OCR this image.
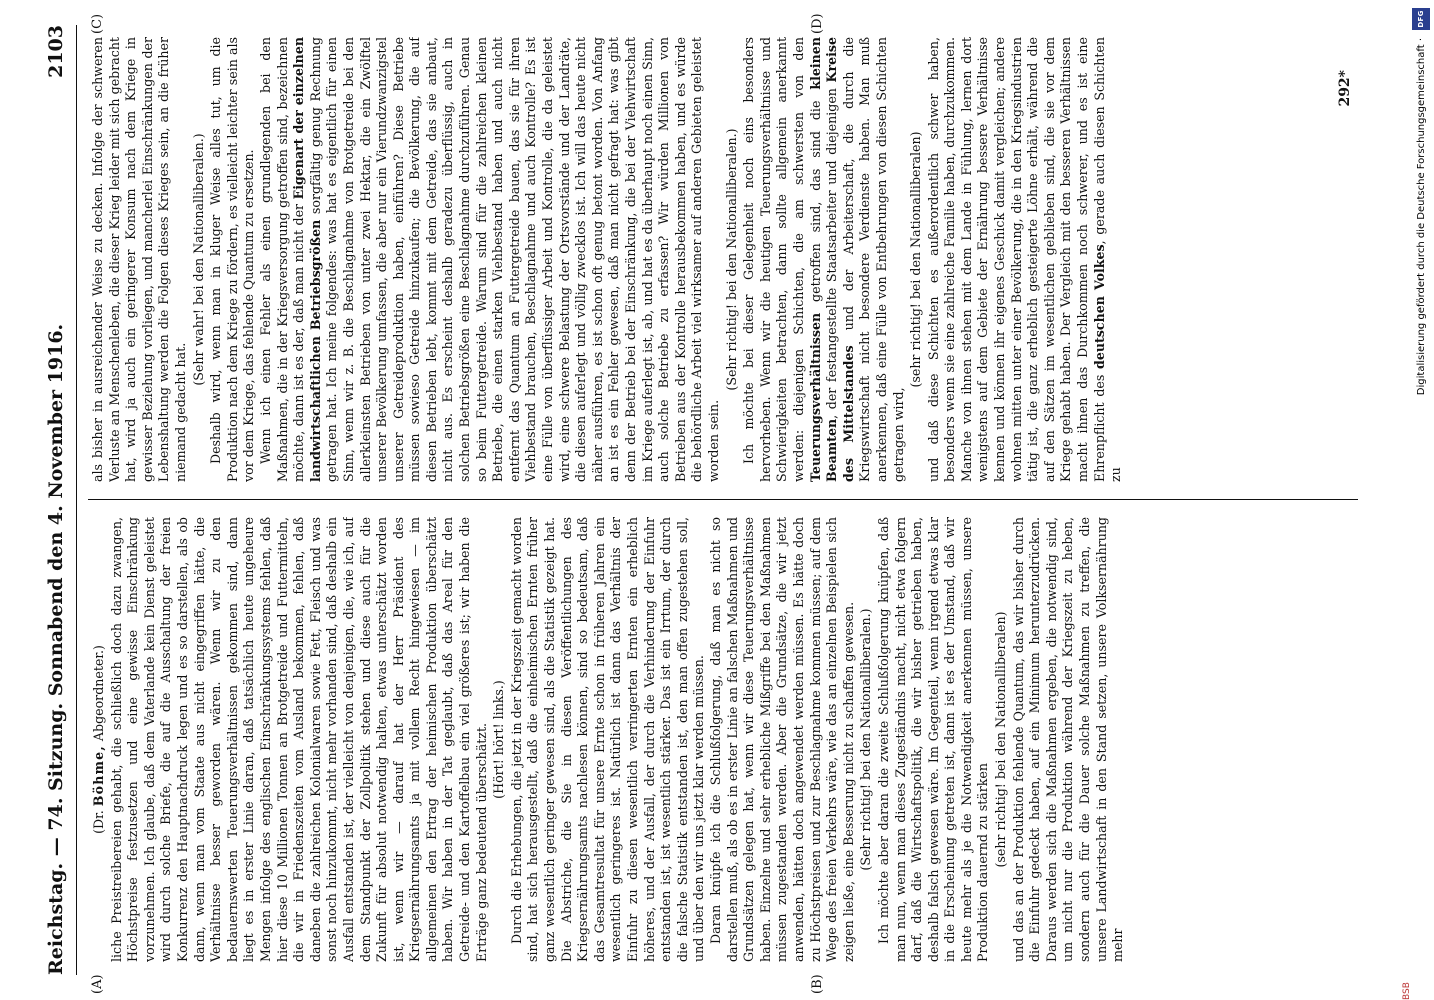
Reichstag. — 74. Sitzung. Sonnabend den 4. November 1916.
2103
(A)	(B)
(C)	(D)

(Dr. Böhme, Abgeordneter.) liche Preistreibereien gehabt, die schließlich doch dazu zwangen, Höchstpreise festzusetzen und eine gewisse Einschränkung vorzunehmen. Ich glaube, daß dem Vaterlande kein Dienst geleistet wird durch solche Briefe, die auf die Ausschaltung der freien Konkurrenz den Hauptnachdruck legen und es so darstellen, als ob dann, wenn man vom Staate aus nicht eingegriffen hätte, die Verhältnisse besser geworden wären. Wenn wir zu den bedauernswerten Teuerungsverhältnissen gekommen sind, dann liegt es in erster Linie daran, daß tatsächlich heute ungeheure Mengen infolge des englischen Einschränkungssystems fehlen, daß hier diese 10 Millionen Tonnen an Brotgetreide und Futtermitteln, die wir in Friedenszeiten vom Ausland bekommen, fehlen, daß daneben die zahlreichen Kolonialwaren sowie Fett, Fleisch und was sonst noch hinzukommt, nicht mehr vorhanden sind, daß deshalb ein Ausfall entstanden ist, der vielleicht von denjenigen, die, wie ich, auf dem Standpunkt der Zollpolitik stehen und diese auch für die Zukunft für absolut notwendig halten, etwas unterschätzt worden ist, wenn wir — darauf hat der Herr Präsident des Kriegsernährungsamts ja mit vollem Recht hingewiesen — im allgemeinen den Ertrag der heimischen Produktion überschätzt haben. Wir haben in der Tat geglaubt, daß das Areal für den Getreide- und den Kartoffelbau ein viel größeres ist; wir haben die Erträge ganz bedeutend überschätzt. (Hört! hört! links.) Durch die Erhebungen, die jetzt in der Kriegszeit gemacht worden sind, hat sich herausgestellt, daß die einheimischen Ernten früher ganz wesentlich geringer gewesen sind, als die Statistik gezeigt hat. Die Abstriche, die Sie in diesen Veröffentlichungen des Kriegsernährungsamts nachlesen können, sind so bedeutsam, daß das Gesamtresultat für unsere Ernte schon in früheren Jahren ein wesentlich geringeres ist. Natürlich ist dann das Verhältnis der Einfuhr zu diesen wesentlich verringerten Ernten ein erheblich höheres, und der Ausfall, der durch die Verhinderung der Einfuhr entstanden ist, ist wesentlich stärker. Das ist ein Irrtum, der durch die falsche Statistik entstanden ist, den man offen zugestehen soll, und über den wir uns jetzt klar werden müssen. Daran knüpfe ich die Schlußfolgerung, daß man es nicht so darstellen muß, als ob es in erster Linie an falschen Maßnahmen und Grundsätzen gelegen hat, wenn wir diese Teuerungsverhältnisse haben. Einzelne und sehr erhebliche Mißgriffe bei den Maßnahmen müssen zugestanden werden. Aber die Grundsätze, die wir jetzt anwenden, hätten doch angewendet werden müssen. Es hätte doch zu Höchstpreisen und zur Beschlagnahme kommen müssen; auf dem Wege des freien Verkehrs wäre, wie das an einzelnen Beispielen sich zeigen ließe, eine Besserung nicht zu schaffen gewesen. (Sehr richtig! bei den Nationalliberalen.) Ich möchte aber daran die zweite Schlußfolgerung knüpfen, daß man nun, wenn man dieses Zugeständnis macht, nicht etwa folgern darf, daß die Wirtschaftspolitik, die wir bisher getrieben haben, deshalb falsch gewesen wäre. Im Gegenteil, wenn irgend etwas klar in die Erscheinung getreten ist, dann ist es der Umstand, daß wir heute mehr als je die Notwendigkeit anerkennen müssen, unsere Produktion dauernd zu stärken (sehr richtig! bei den Nationalliberalen) und das an der Produktion fehlende Quantum, das wir bisher durch die Einfuhr gedeckt haben, auf ein Minimum herunterzudrücken. Daraus werden sich die Maßnahmen ergeben, die notwendig sind, um nicht nur die Produktion während der Kriegszeit zu heben, sondern auch für die Dauer solche Maßnahmen zu treffen, die unsere Landwirtschaft in den Stand setzen, unsere Volksernährung mehr

als bisher in ausreichender Weise zu decken. Infolge der schweren Verluste an Menschenleben, die dieser Krieg leider mit sich gebracht hat, wird ja auch ein geringerer Konsum nach dem Kriege in gewisser Beziehung vorliegen, und mancherlei Einschränkungen der Lebenshaltung werden die Folgen dieses Krieges sein, an die früher niemand gedacht hat.

(Sehr wahr! bei den Nationalliberalen.) Deshalb wird, wenn man in kluger Weise alles tut, um die Produktion nach dem Kriege zu fördern, es vielleicht leichter sein als vor dem Kriege, das fehlende Quantum zu ersetzen. Wenn ich einen Fehler als einen grundlegenden bei den Maßnahmen, die in der Kriegsversorgung getroffen sind, bezeichnen möchte, dann ist es der, daß man nicht der Eigenart der einzelnen landwirtschaftlichen Betriebsgrößen sorgfältig genug Rechnung getragen hat. Ich meine folgendes: was hat es eigentlich für einen Sinn, wenn wir z. B. die Beschlagnahme von Brotgetreide bei den allerkleinsten Betrieben von unter zwei Hektar, die ein Zwölftel unserer Bevölkerung umfassen, die aber nur ein Vierundzwanzigstel unserer Getreideproduktion haben, einführen? Diese Betriebe müssen sowieso Getreide hinzukaufen; die Bevölkerung, die auf diesen Betrieben lebt, kommt mit dem Getreide, das sie anbaut, nicht aus. Es erscheint deshalb geradezu überflüssig, auch in solchen Betriebsgrößen eine Beschlagnahme durchzuführen. Genau so beim Futtergetreide. Warum sind für die zahlreichen kleinen Betriebe, die einen starken Viehbestand haben und auch nicht entfernt das Quantum an Futtergetreide bauen, das sie für ihren Viehbestand brauchen, Beschlagnahme und auch Kontrolle? Es ist eine Fülle von überflüssiger Arbeit und Kontrolle, die da geleistet wird, eine schwere Belastung der Ortsvorstände und der Landräte, die diesen auferlegt und völlig zwecklos ist. Ich will das heute nicht näher ausführen, es ist schon oft genug betont worden. Von Anfang an ist es ein Fehler gewesen, daß man nicht gefragt hat: was gibt denn der Betrieb bei der Einschränkung, die bei der Viehwirtschaft im Kriege auferlegt ist, ab, und hat es da überhaupt noch einen Sinn, auch solche Betriebe zu erfassen? Wir würden Millionen von Betrieben aus der Kontrolle herausbekommen haben, und es würde die behördliche Arbeit viel wirksamer auf anderen Gebieten geleistet worden sein.

(Sehr richtig! bei den Nationalliberalen.) Ich möchte bei dieser Gelegenheit noch eins besonders hervorheben. Wenn wir die heutigen Teuerungsverhältnisse und Schwierigkeiten betrachten, dann sollte allgemein anerkannt werden: diejenigen Schichten, die am schwersten von den Teuerungsverhältnissen getroffen sind, das sind die kleinen Beamten, der festangestellte Staatsarbeiter und diejenigen Kreise des Mittelstandes und der Arbeiterschaft, die durch die Kriegswirtschaft nicht besondere Verdienste haben. Man muß anerkennen, daß eine Fülle von Entbehrungen von diesen Schichten getragen wird,

(sehr richtig! bei den Nationalliberalen) und daß diese Schichten es außerordentlich schwer haben, besonders wenn sie eine zahlreiche Familie haben, durchzukommen. Manche von ihnen stehen mit dem Lande in Fühlung, lernen dort wenigstens auf dem Gebiete der Ernährung bessere Verhältnisse kennen und können ihr eigenes Geschick damit vergleichen; andere wohnen mitten unter einer Bevölkerung, die in den Kriegsindustrien tätig ist, die ganz erheblich gesteigerte Löhne erhält, während die auf den Sätzen im wesentlichen geblieben sind, die sie vor dem Kriege gehabt haben. Der Vergleich mit den besseren Verhältnissen macht ihnen das Durchkommen noch schwerer, und es ist eine Ehrenpflicht des deutschen Volkes, gerade auch diesen Schichten zu

292*
BSB
Digitalisierung gefördert durch die Deutsche Forschungsgemeinschaft ·
DFG
